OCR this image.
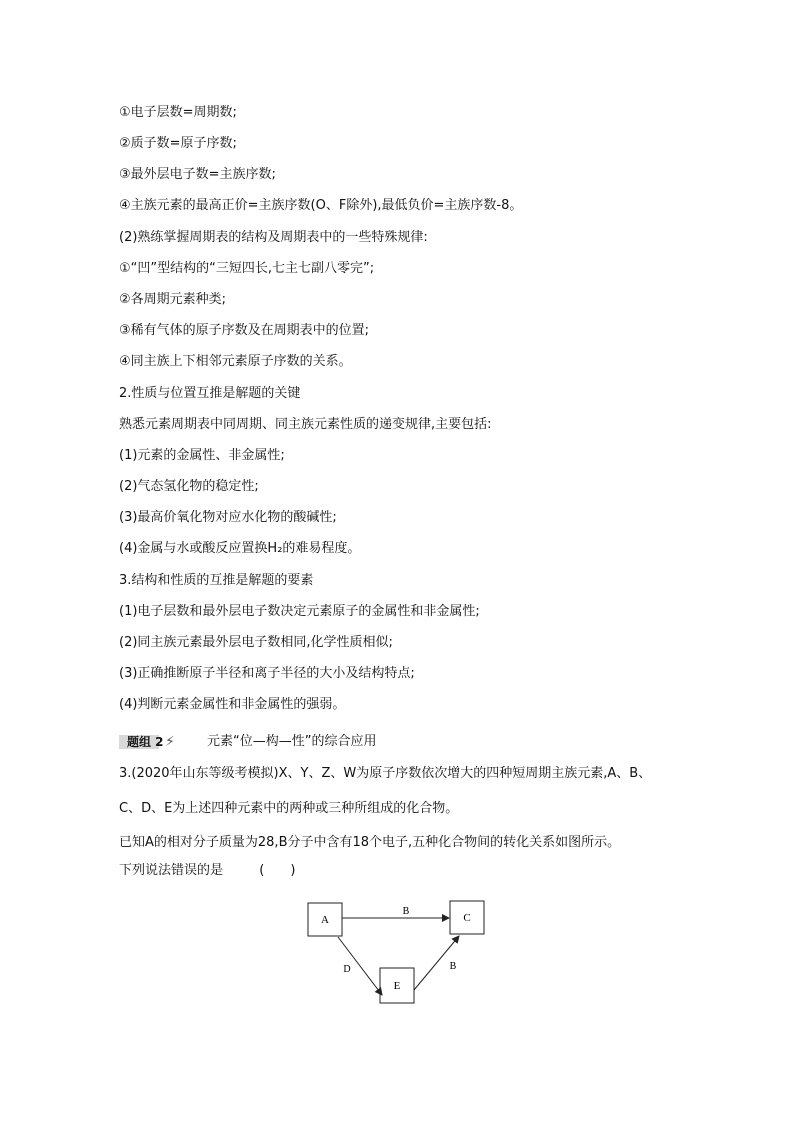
①电子层数=周期数;
②质子数=原子序数;
③最外层电子数=主族序数;
④主族元素的最高正价=主族序数(O、F除外),最低负价=主族序数-8。
(2)熟练掌握周期表的结构及周期表中的一些特殊规律:
①“凹”型结构的“三短四长,七主七副八零完”;
②各周期元素种类;
③稀有气体的原子序数及在周期表中的位置;
④同主族上下相邻元素原子序数的关系。
2.性质与位置互推是解题的关键
熟悉元素周期表中同周期、同主族元素性质的递变规律,主要包括:
(1)元素的金属性、非金属性;
(2)气态氢化物的稳定性;
(3)最高价氧化物对应水化物的酸碱性;
(4)金属与水或酸反应置换H₂的难易程度。
3.结构和性质的互推是解题的要素
(1)电子层数和最外层电子数决定元素原子的金属性和非金属性;
(2)同主族元素最外层电子数相同,化学性质相似;
(3)正确推断原子半径和离子半径的大小及结构特点;
(4)判断元素金属性和非金属性的强弱。
题组 2 ⚡ 元素“位—构—性”的综合应用
3.(2020年山东等级考模拟)X、Y、Z、W为原子序数依次增大的四种短周期主族元素,A、B、
C、D、E为上述四种元素中的两种或三种所组成的化合物。
已知A的相对分子质量为28,B分子中含有18个电子,五种化合物间的转化关系如图所示。
下列说法错误的是	(　　)
A	C
E
B
D	B
